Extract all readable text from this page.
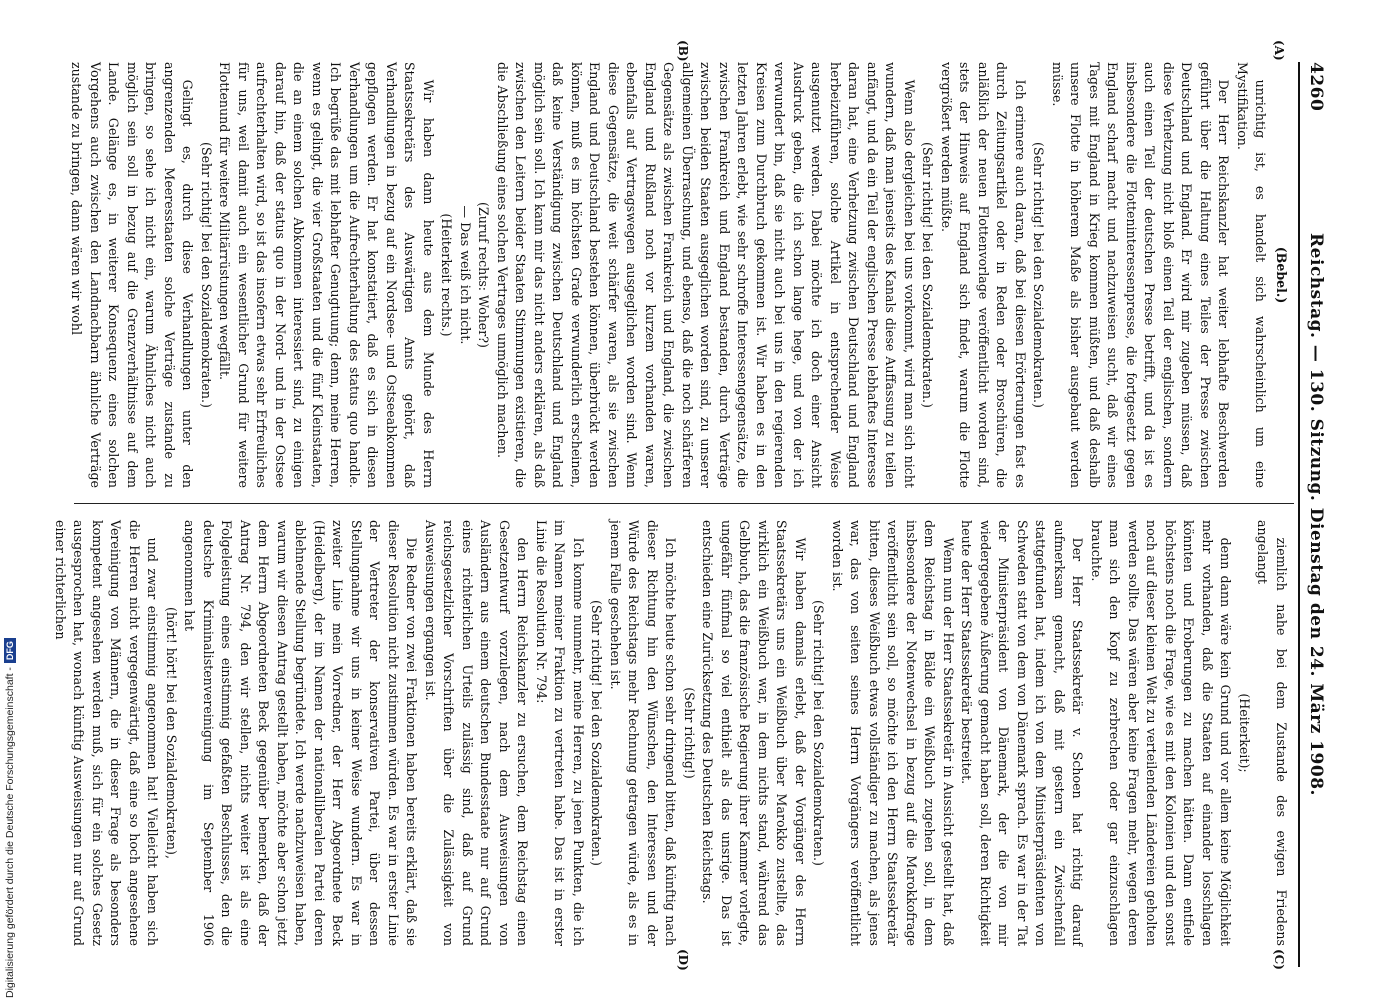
4260
Reichstag. — 130. Sitzung. Dienstag den 24. März 1908.
(Bebel.)

unrichtig ist, es handelt sich wahrscheinlich um eine Mystifikation.

Der Herr Reichskanzler hat weiter lebhafte Beschwerden geführt über die Haltung eines Teiles der Presse zwischen Deutschland und England. Er wird mir zugeben müssen, daß diese Verhetzung nicht bloß einen Teil der englischen, sondern auch einen Teil der deutschen Presse betrifft, und da ist es insbesondere die Flotteninteressenpresse, die fortgesetzt gegen England scharf macht und nachzuweisen sucht, daß wir eines Tages mit England in Krieg kommen müßten, und daß deshalb unsere Flotte in höherem Maße als bisher ausgebaut werden müsse.

(Sehr richtig! bei den Sozialdemokraten.)

Ich erinnere auch daran, daß bei diesen Erörterungen fast es durch Zeitungsartikel oder in Reden oder Broschüren, die anläßlich der neuen Flottenvorlage veröffentlicht worden sind, stets der Hinweis auf England sich findet, warum die Flotte vergrößert werden müßte.

(Sehr richtig! bei den Sozialdemokraten.)

Wenn also dergleichen bei uns vorkommt, wird man sich nicht wundern, daß man jenseits des Kanals diese Auffassung zu teilen anfängt, und da ein Teil der englischen Presse lebhaftes Interesse daran hat, eine Verhetzung zwischen Deutschland und England herbeizuführen, solche Artikel in entsprechender Weise ausgenutzt werden. Dabei möchte ich doch einer Ansicht Ausdruck geben, die ich schon lange hege, und von der ich verwundert bin, daß sie nicht auch bei uns in den regierenden Kreisen zum Durchbruch gekommen ist. Wir haben es in den letzten Jahren erlebt, wie sehr schroffe Interessengegensätze, die zwischen Frankreich und England bestanden, durch Verträge zwischen beiden Staaten ausgeglichen worden sind, zu unserer allgemeinen Überraschung, und ebenso, daß die noch schärferen Gegensätze als zwischen Frankreich und England, die zwischen England und Rußland noch vor kurzem vorhanden waren, ebenfalls auf Vertragswegen ausgeglichen worden sind. Wenn diese Gegensätze, die weit schärfer waren, als sie zwischen England und Deutschland bestehen können, überbrückt werden können, muß es im höchsten Grade verwunderlich erscheinen, daß keine Verständigung zwischen Deutschland und England möglich sein soll. Ich kann mir das nicht anders erklären, als daß zwischen den Leitern beider Staaten Stimmungen existieren, die die Abschließung eines solchen Vertrages unmöglich machen.

(Zuruf rechts: Woher?)

— Das weiß ich nicht.

(Heiterkeit rechts.)

Wir haben dann heute aus dem Munde des Herrn Staatssekretärs des Auswärtigen Amts gehört, daß Verhandlungen in bezug auf ein Nordsee- und Ostseeabkommen gepflogen werden. Er hat konstatiert, daß es sich in diesen Verhandlungen um die Aufrechterhaltung des status quo handle. Ich begrüße das mit lebhafter Genugtuung; denn, meine Herren, wenn es gelingt, die vier Großstaaten und die fünf Kleinstaaten, die an einem solchen Abkommen interessiert sind, zu einigen darauf hin, daß der status quo in der Nord- und in der Ostsee aufrechterhalten wird, so ist das insofern etwas sehr Erfreuliches für uns, weil damit auch ein wesentlicher Grund für weitere Flottenund für weitere Militärrüstungen wegfällt.

(Sehr richtig! bei den Sozialdemokraten.)

Gelingt es, durch diese Verhandlungen unter den angrenzenden Meeresstaaten solche Verträge zustande zu bringen, so sehe ich nicht ein, warum Ähnliches nicht auch möglich sein soll in bezug auf die Grenzverhältnisse auf dem Lande. Gelänge es, in weiterer Konsequenz eines solchen Vorgehens auch zwischen den Landnachbarn ähnliche Verträge zustande zu bringen, dann wären wir wohl

ziemlich nahe bei dem Zustande des ewigen Friedens angelangt

(Heiterkeit);

denn dann wäre kein Grund und vor allem keine Möglichkeit mehr vorhanden, daß die Staaten auf einander losschlagen könnten und Eroberungen zu machen hätten. Dann entfiele höchstens noch die Frage, wie es mit den Kolonien und den sonst noch auf dieser kleinen Welt zu verteilenden Ländereien geholten werden sollte. Das wären aber keine Fragen mehr, wegen deren man sich den Kopf zu zerbrechen oder gar einzuschlagen brauchte.

Der Herr Staatssekretär v. Schoen hat richtig darauf aufmerksam gemacht, daß mit gestern ein Zwischenfall stattgefunden hat, indem ich von dem Ministerpräsidenten von Schweden statt von dem von Dänemark sprach. Es war in der Tat der Ministerpräsident von Dänemark, der die von mir wiedergegebene Äußerung gemacht haben soll, deren Richtigkeit heute der Herr Staatssekretär bestreitet.

Wenn nun der Herr Staatssekretär in Aussicht gestellt hat, daß dem Reichstag in Bälde ein Weißbuch zugehen soll, in dem insbesondere der Notenwechsel in bezug auf die Marokkofrage veröffentlicht sein soll, so möchte ich den Herrn Staatssekretär bitten, dieses Weißbuch etwas vollständiger zu machen, als jenes war, das von seiten seines Herrn Vorgängers veröffentlicht worden ist.

(Sehr richtig! bei den Sozialdemokraten.)

Wir haben damals erlebt, daß der Vorgänger des Herrn Staatssekretärs uns ein Weißbuch über Marokko zustellte, das wirklich ein Weißbuch war, in dem nichts stand, während das Gelbbuch, das die französische Regierung ihrer Kammer vorlegte, ungefähr fünfmal so viel enthielt als das unsrige. Das ist entschieden eine Zurücksetzung des Deutschen Reichstags.

(Sehr richtig!)

Ich möchte heute schon sehr dringend bitten, daß künftig nach dieser Richtung hin den Wünschen, den Interessen und der Würde des Reichstags mehr Rechnung getragen würde, als es in jenem Falle geschehen ist.

(Sehr richtig! bei den Sozialdemokraten.)

Ich komme nunmehr, meine Herren, zu jenen Punkten, die ich im Namen meiner Fraktion zu vertreten habe. Das ist in erster Linie die Resolution Nr. 794:

den Herrn Reichskanzler zu ersuchen, dem Reichstag einen Gesetzentwurf vorzulegen, nach dem Ausweisungen von Ausländern aus einem deutschen Bundesstaate nur auf Grund eines richterlichen Urteils zulässig sind, daß auf Grund reichsgesetzlicher Vorschriften über die Zulässigkeit von Ausweisungen ergangen ist.

Die Redner von zwei Fraktionen haben bereits erklärt, daß sie dieser Resolution nicht zustimmen würden. Es war in erster Linie der Vertreter der konservativen Partei, über dessen Stellungnahme wir uns in keiner Weise wundern. Es war in zweiter Linie mein Vorredner, der Herr Abgeordnete Beck (Heidelberg), der im Namen der nationalliberalen Partei deren ablehnende Stellung begründete. Ich werde nachzuweisen haben, warum wir diesen Antrag gestellt haben, möchte aber schon jetzt dem Herrn Abgeordneten Beck gegenüber bemerken, daß der Antrag Nr. 794, den wir stellen, nichts weiter ist als eine Folgeleistung eines einstimmig gefaßten Beschlusses, den die deutsche Kriminalistenvereinigung im September 1906 angenommen hat

(hört! hört! bei den Sozialdemokraten),

und zwar einstimmig angenommen hat! Vielleicht haben sich die Herren nicht vergegenwärtigt, daß eine so hoch angesehene Vereinigung von Männern, die in dieser Frage als besonders kompetent angesehen werden muß, sich für ein solches Gesetz ausgesprochen hat, wonach künftig Ausweisungen nur auf Grund einer richterlichen

(A)
(B)
(C)
(D)
Digitalisierung gefördert durch die Deutsche Forschungsgemeinschaft -
DFG
